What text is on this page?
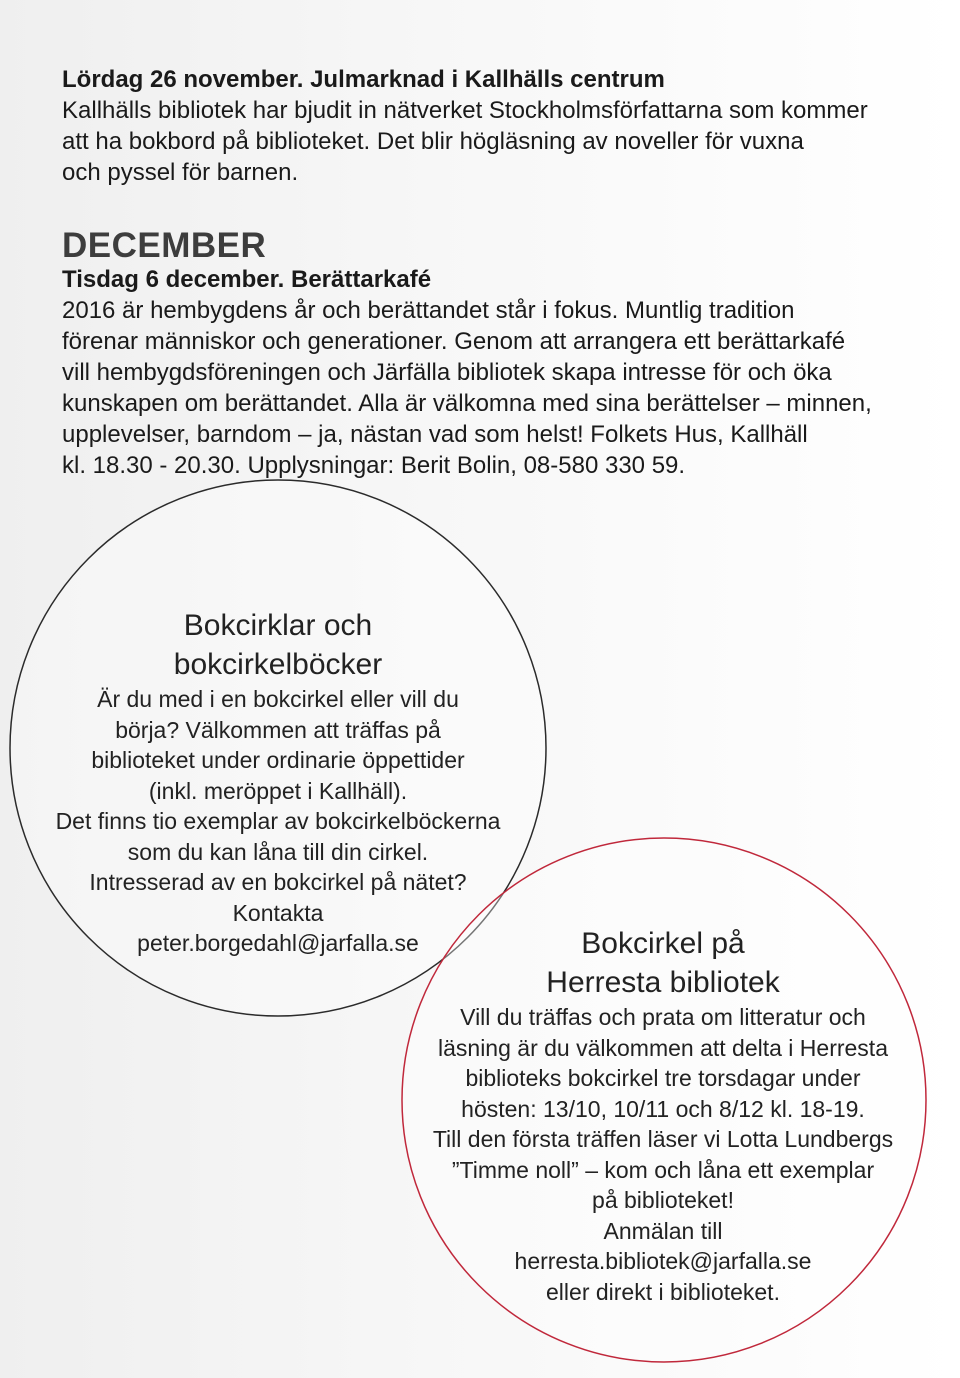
Lördag 26 november. Julmarknad i Kallhälls centrum
Kallhälls bibliotek har bjudit in nätverket Stockholmsförfattarna som kommer
att ha bokbord på biblioteket. Det blir högläsning av noveller för vuxna
och pyssel för barnen.
DECEMBER
Tisdag 6 december. Berättarkafé
2016 är hembygdens år och berättandet står i fokus. Muntlig tradition
förenar människor och generationer. Genom att arrangera ett berättarkafé
vill hembygdsföreningen och Järfälla bibliotek skapa intresse för och öka
kunskapen om berättandet. Alla är välkomna med sina berättelser – minnen,
upplevelser, barndom – ja, nästan vad som helst! Folkets Hus, Kallhäll
kl. 18.30 - 20.30. Upplysningar: Berit Bolin, 08-580 330 59.
Bokcirklar och
bokcirkelböcker
Är du med i en bokcirkel eller vill du
börja? Välkommen att träffas på
biblioteket under ordinarie öppettider
(inkl. meröppet i Kallhäll).
Det finns tio exemplar av bokcirkelböckerna
som du kan låna till din cirkel.
Intresserad av en bokcirkel på nätet?
Kontakta
peter.borgedahl@jarfalla.se	Bokcirkel på
Herresta bibliotek
Vill du träffas och prata om litteratur och
läsning är du välkommen att delta i Herresta
biblioteks bokcirkel tre torsdagar under
hösten: 13/10, 10/11 och 8/12 kl. 18-19.
Till den första träffen läser vi Lotta Lundbergs
”Timme noll” – kom och låna ett exemplar
på biblioteket!
Anmälan till
herresta.bibliotek@jarfalla.se
eller direkt i biblioteket.
